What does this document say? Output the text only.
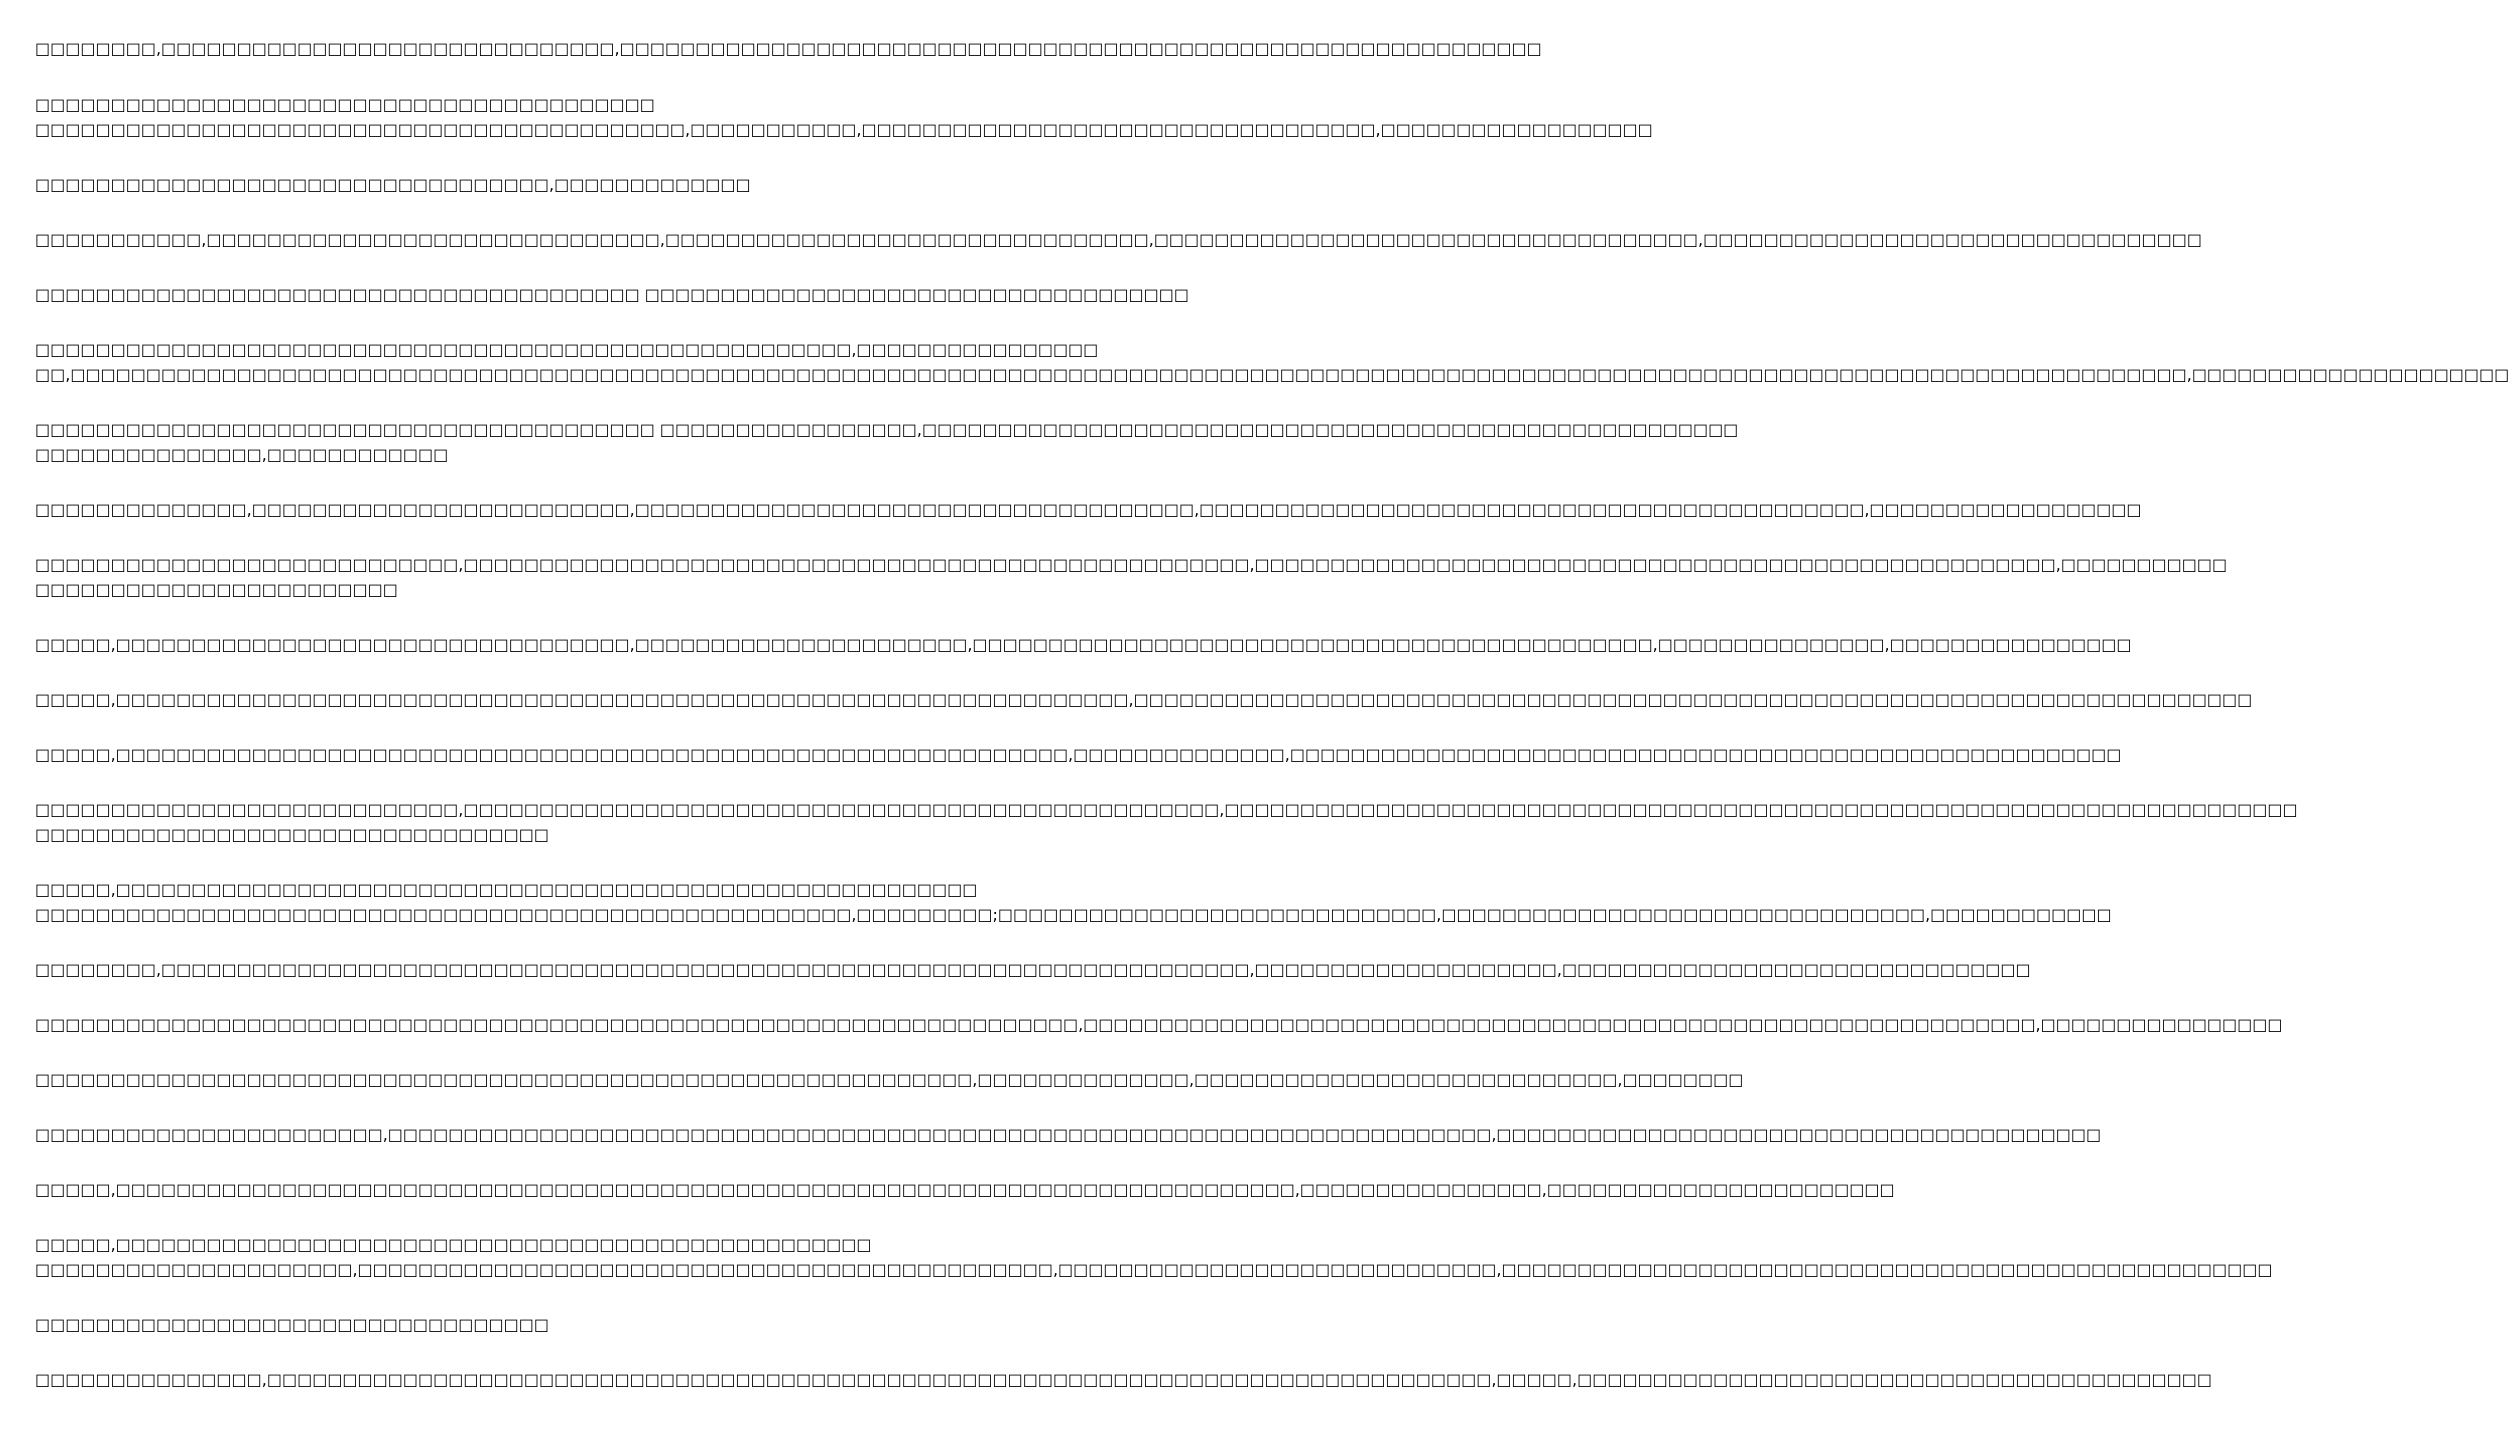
□□□□□□□□,□□□□□□□□□□□□□□□□□□□□□□□□□□□□□□,□□□□□□□□□□□□□□□□□□□□□□□□□□□□□□□□□□□□□□□□□□□□□□□□□□□□□□□□□□□□□
□□□□□□□□□□□□□□□□□□□□□□□□□□□□□□□□□□□□□□□□□
□□□□□□□□□□□□□□□□□□□□□□□□□□□□□□□□□□□□□□□□□□□,□□□□□□□□□□□,□□□□□□□□□□□□□□□□□□□□□□□□□□□□□□□□□□,□□□□□□□□□□□□□□□□□□
□□□□□□□□□□□□□□□□□□□□□□□□□□□□□□□□□□,□□□□□□□□□□□□□
□□□□□□□□□□□,□□□□□□□□□□□□□□□□□□□□□□□□□□□□□□,□□□□□□□□□□□□□□□□□□□□□□□□□□□□□□□□,□□□□□□□□□□□□□□□□□□□□□□□□□□□□□□□□□□□□,□□□□□□□□□□□□□□□□□□□□□□□□□□□□□□□□□
□□□□□□□□□□□□□□□□□□□□□□□□□□□□□□□□□□□□□□□□ □□□□□□□□□□□□□□□□□□□□□□□□□□□□□□□□□□□□
□□□□□□□□□□□□□□□□□□□□□□□□□□□□□□□□□□□□□□□□□□□□□□□□□□□□□□,□□□□□□□□□□□□□□□□
□□,□□□□□□□□□□□□□□□□□□□□□□□□□□□□□□□□□□□□□□□□□□□□□□□□□□□□□□□□□□□□□□□□□□□□□□□□□□□□□□□□□□□□□□□□□□□□□□□□□□□□□□□□□□□□□□□□□□□□□□□□□□□□□□□□□□□□□□□□□□□□,□□□□□□□□□□□□□□□□□□□□□
□□□□□□□□□□□□□□□□□□□□□□□□□□□□□□□□□□□□□□□□□ □□□□□□□□□□□□□□□□□,□□□□□□□□□□□□□□□□□□□□□□□□□□□□□□□□□□□□□□□□□□□□□□□□□□□□□□
□□□□□□□□□□□□□□□,□□□□□□□□□□□□
□□□□□□□□□□□□□□,□□□□□□□□□□□□□□□□□□□□□□□□□,□□□□□□□□□□□□□□□□□□□□□□□□□□□□□□□□□□□□□,□□□□□□□□□□□□□□□□□□□□□□□□□□□□□□□□□□□□□□□□□□□□,□□□□□□□□□□□□□□□□□□
□□□□□□□□□□□□□□□□□□□□□□□□□□□□,□□□□□□□□□□□□□□□□□□□□□□□□□□□□□□□□□□□□□□□□□□□□□□□□□□□□,□□□□□□□□□□□□□□□□□□□□□□□□□□□□□□□□□□□□□□□□□□□□□□□□□□□□□,□□□□□□□□□□□
□□□□□□□□□□□□□□□□□□□□□□□□
□□□□□,□□□□□□□□□□□□□□□□□□□□□□□□□□□□□□□□□□,□□□□□□□□□□□□□□□□□□□□□□,□□□□□□□□□□□□□□□□□□□□□□□□□□□□□□□□□□□□□□□□□□□□□,□□□□□□□□□□□□□□□,□□□□□□□□□□□□□□□□
□□□□□,□□□□□□□□□□□□□□□□□□□□□□□□□□□□□□□□□□□□□□□□□□□□□□□□□□□□□□□□□□□□□□□□□□□,□□□□□□□□□□□□□□□□□□□□□□□□□□□□□□□□□□□□□□□□□□□□□□□□□□□□□□□□□□□□□□□□□□□□□□□□□□
□□□□□,□□□□□□□□□□□□□□□□□□□□□□□□□□□□□□□□□□□□□□□□□□□□□□□□□□□□□□□□□□□□□□□,□□□□□□□□□□□□□□,□□□□□□□□□□□□□□□□□□□□□□□□□□□□□□□□□□□□□□□□□□□□□□□□□□□□□□□
□□□□□□□□□□□□□□□□□□□□□□□□□□□□,□□□□□□□□□□□□□□□□□□□□□□□□□□□□□□□□□□□□□□□□□□□□□□□□□□,□□□□□□□□□□□□□□□□□□□□□□□□□□□□□□□□□□□□□□□□□□□□□□□□□□□□□□□□□□□□□□□□□□□□□□□
□□□□□□□□□□□□□□□□□□□□□□□□□□□□□□□□□□
□□□□□,□□□□□□□□□□□□□□□□□□□□□□□□□□□□□□□□□□□□□□□□□□□□□□□□□□□□□□□□□
□□□□□□□□□□□□□□□□□□□□□□□□□□□□□□□□□□□□□□□□□□□□□□□□□□□□□□,□□□□□□□□□;□□□□□□□□□□□□□□□□□□□□□□□□□□□□□,□□□□□□□□□□□□□□□□□□□□□□□□□□□□□□□□,□□□□□□□□□□□□
□□□□□□□□,□□□□□□□□□□□□□□□□□□□□□□□□□□□□□□□□□□□□□□□□□□□□□□□□□□□□□□□□□□□□□□□□□□□□□□□□,□□□□□□□□□□□□□□□□□□□□,□□□□□□□□□□□□□□□□□□□□□□□□□□□□□□□
□□□□□□□□□□□□□□□□□□□□□□□□□□□□□□□□□□□□□□□□□□□□□□□□□□□□□□□□□□□□□□□□□□□□□,□□□□□□□□□□□□□□□□□□□□□□□□□□□□□□□□□□□□□□□□□□□□□□□□□□□□□□□□□□□□□□□,□□□□□□□□□□□□□□□□
□□□□□□□□□□□□□□□□□□□□□□□□□□□□□□□□□□□□□□□□□□□□□□□□□□□□□□□□□□□□□□,□□□□□□□□□□□□□□,□□□□□□□□□□□□□□□□□□□□□□□□□□□□,□□□□□□□□
□□□□□□□□□□□□□□□□□□□□□□□,□□□□□□□□□□□□□□□□□□□□□□□□□□□□□□□□□□□□□□□□□□□□□□□□□□□□□□□□□□□□□□□□□□□□□□□□□,□□□□□□□□□□□□□□□□□□□□□□□□□□□□□□□□□□□□□□□□
□□□□□,□□□□□□□□□□□□□□□□□□□□□□□□□□□□□□□□□□□□□□□□□□□□□□□□□□□□□□□□□□□□□□□□□□□□□□□□□□□□□□,□□□□□□□□□□□□□□□□,□□□□□□□□□□□□□□□□□□□□□□□
□□□□□,□□□□□□□□□□□□□□□□□□□□□□□□□□□□□□□□□□□□□□□□□□□□□□□□□□
□□□□□□□□□□□□□□□□□□□□□,□□□□□□□□□□□□□□□□□□□□□□□□□□□□□□□□□□□□□□□□□□□□□□,□□□□□□□□□□□□□□□□□□□□□□□□□□□□□,□□□□□□□□□□□□□□□□□□□□□□□□□□□□□□□□□□□□□□□□□□□□□□□□□□□
□□□□□□□□□□□□□□□□□□□□□□□□□□□□□□□□□□
□□□□□□□□□□□□□□□,□□□□□□□□□□□□□□□□□□□□□□□□□□□□□□□□□□□□□□□□□□□□□□□□□□□□□□□□□□□□□□□□□□□□□□□□□□□□□□□□□,□□□□□,□□□□□□□□□□□□□□□□□□□□□□□□□□□□□□□□□□□□□□□□□□
